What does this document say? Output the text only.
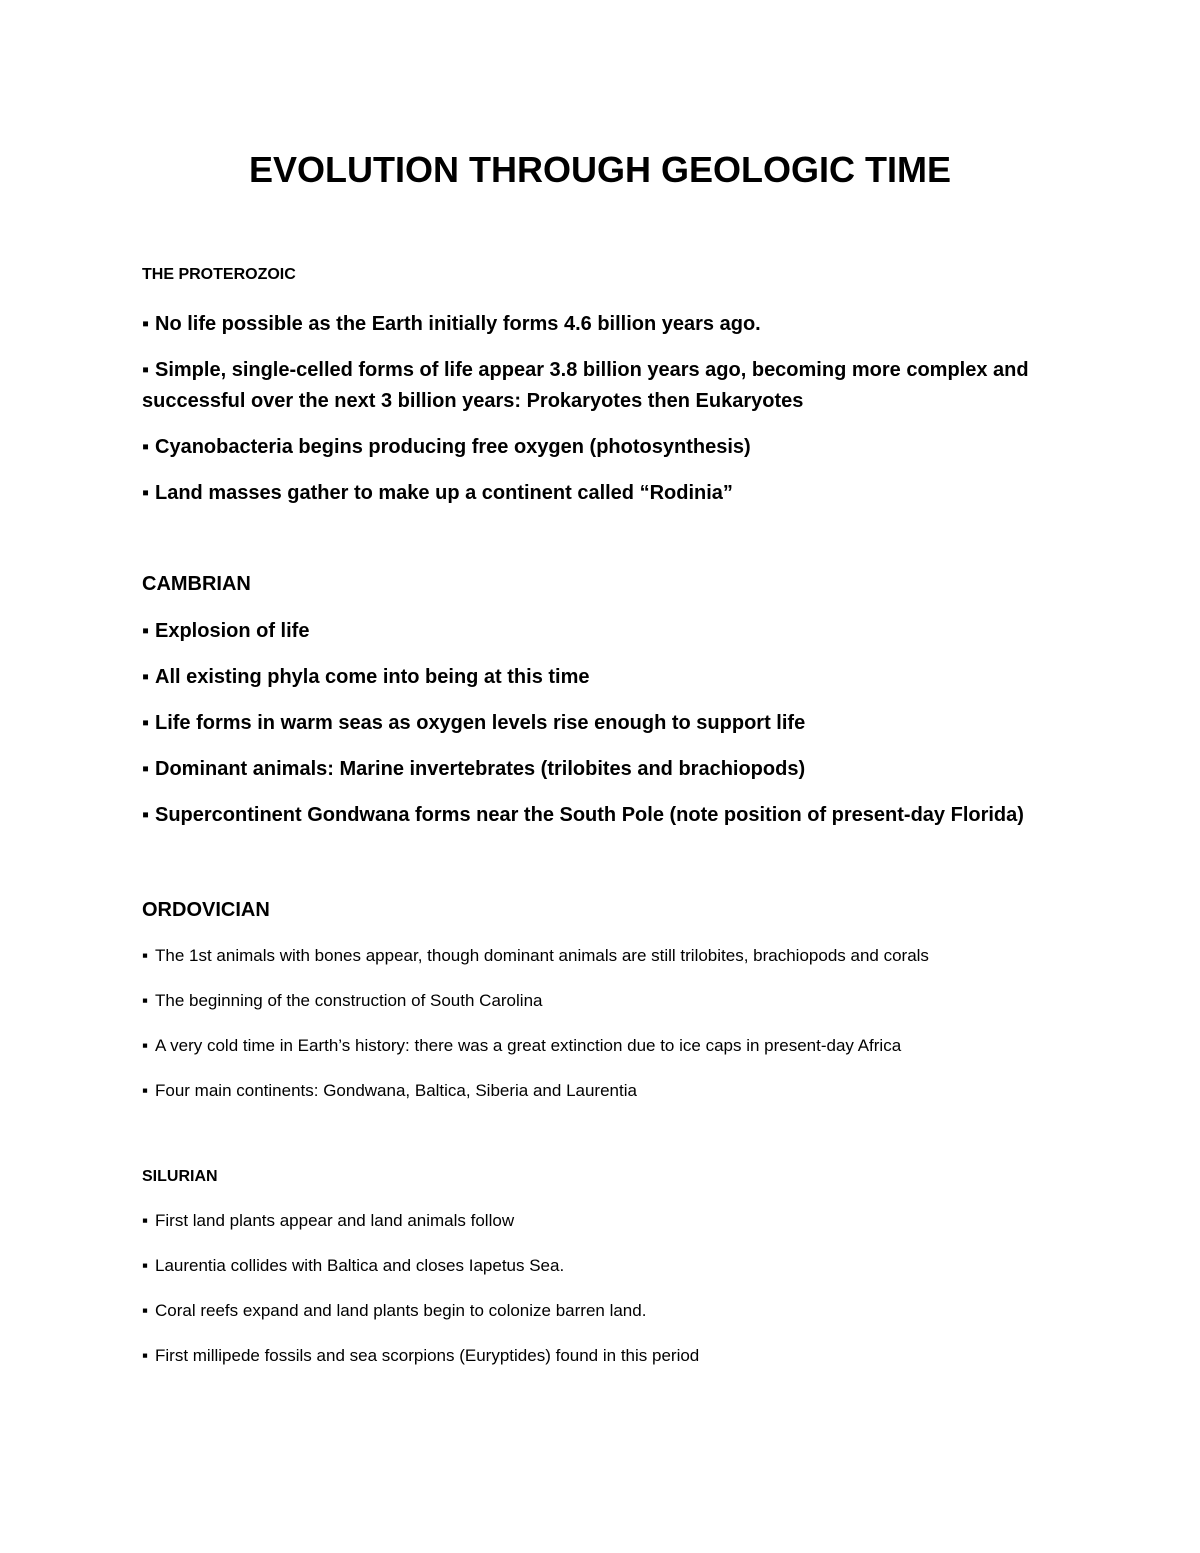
EVOLUTION THROUGH GEOLOGIC TIME
THE PROTEROZOIC
▪ No life possible as the Earth initially forms 4.6 billion years ago.
▪ Simple, single-celled forms of life appear 3.8 billion years ago, becoming more complex and successful over the next 3 billion years: Prokaryotes then Eukaryotes
▪ Cyanobacteria begins producing free oxygen (photosynthesis)
▪ Land masses gather to make up a continent called “Rodinia”
CAMBRIAN
▪ Explosion of life
▪ All existing phyla come into being at this time
▪ Life forms in warm seas as oxygen levels rise enough to support life
▪ Dominant animals: Marine invertebrates (trilobites and brachiopods)
▪ Supercontinent Gondwana forms near the South Pole (note position of present-day Florida)
ORDOVICIAN
▪ The 1st animals with bones appear, though dominant animals are still trilobites, brachiopods and corals
▪ The beginning of the construction of South Carolina
▪ A very cold time in Earth’s history: there was a great extinction due to ice caps in present-day Africa
▪ Four main continents: Gondwana, Baltica, Siberia and Laurentia
SILURIAN
▪ First land plants appear and land animals follow
▪ Laurentia collides with Baltica and closes Iapetus Sea.
▪ Coral reefs expand and land plants begin to colonize barren land.
▪ First millipede fossils and sea scorpions (Euryptides) found in this period
